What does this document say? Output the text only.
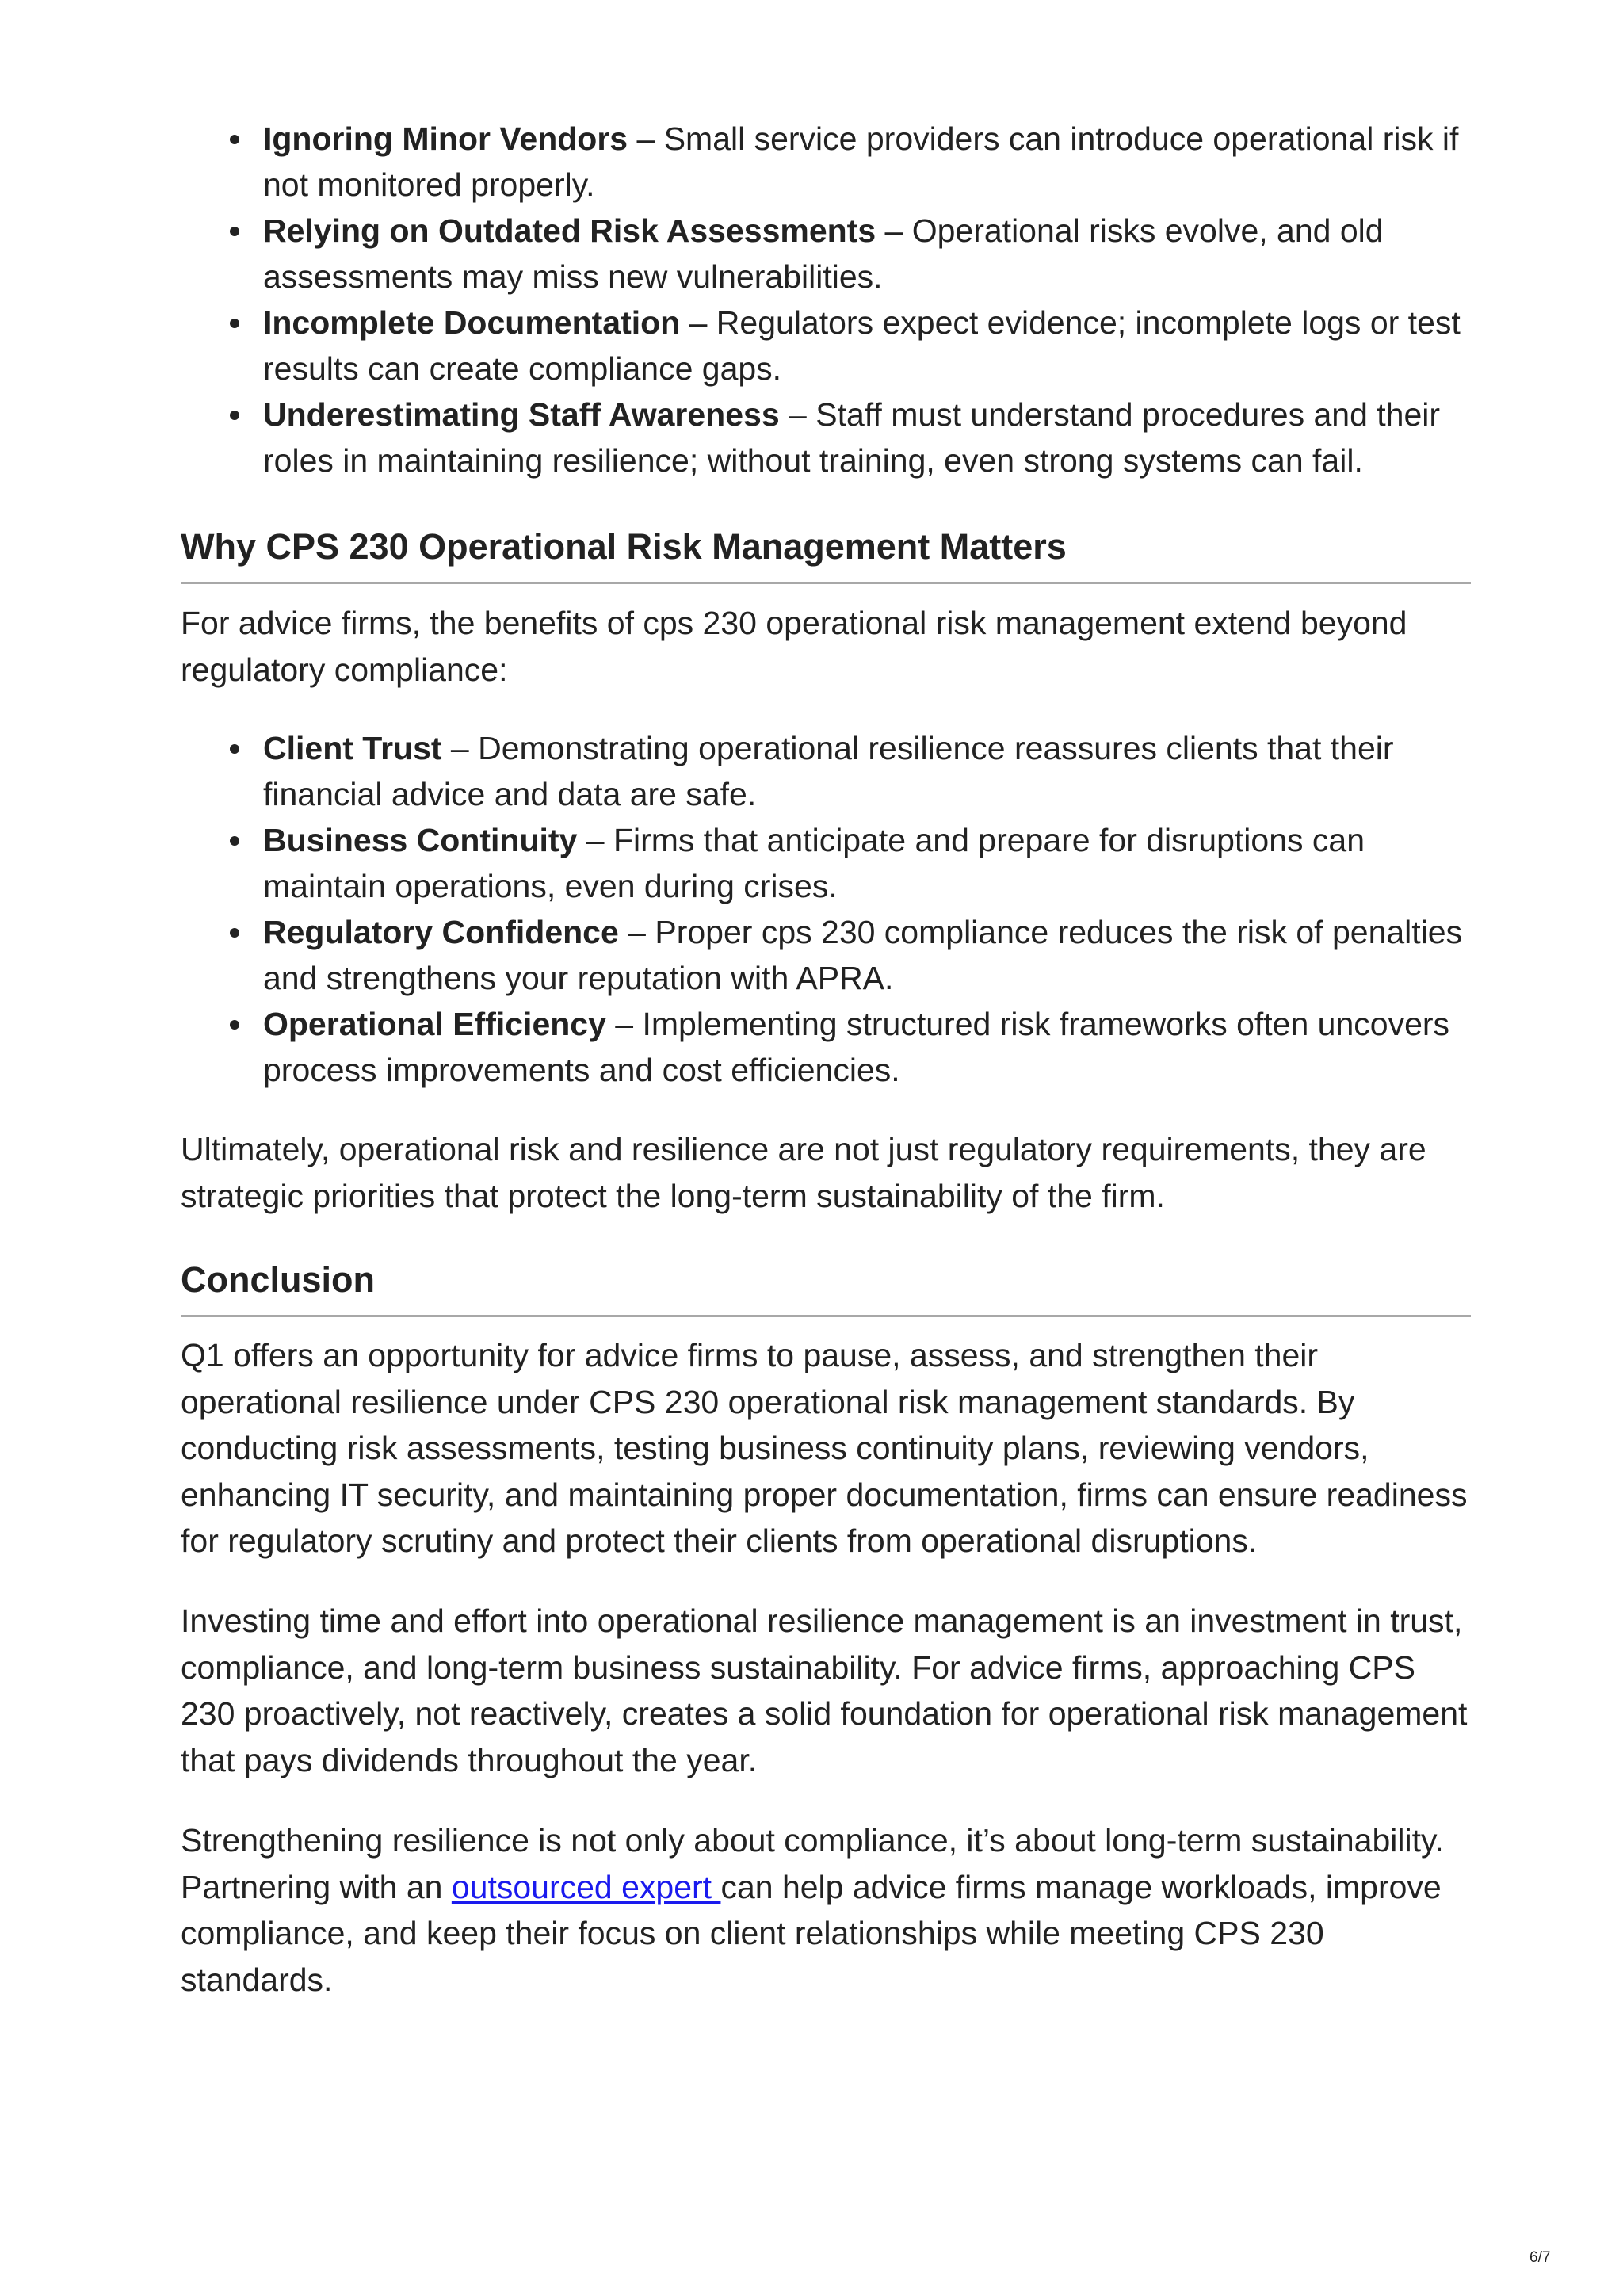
Ignoring Minor Vendors – Small service providers can introduce operational risk if not monitored properly.
Relying on Outdated Risk Assessments – Operational risks evolve, and old assessments may miss new vulnerabilities.
Incomplete Documentation – Regulators expect evidence; incomplete logs or test results can create compliance gaps.
Underestimating Staff Awareness – Staff must understand procedures and their roles in maintaining resilience; without training, even strong systems can fail.
Why CPS 230 Operational Risk Management Matters

For advice firms, the benefits of cps 230 operational risk management extend beyond regulatory compliance:

Client Trust – Demonstrating operational resilience reassures clients that their financial advice and data are safe.
Business Continuity – Firms that anticipate and prepare for disruptions can maintain operations, even during crises.
Regulatory Confidence – Proper cps 230 compliance reduces the risk of penalties and strengthens your reputation with APRA.
Operational Efficiency – Implementing structured risk frameworks often uncovers process improvements and cost efficiencies.

Ultimately, operational risk and resilience are not just regulatory requirements, they are strategic priorities that protect the long-term sustainability of the firm.

Conclusion

Q1 offers an opportunity for advice firms to pause, assess, and strengthen their operational resilience under CPS 230 operational risk management standards. By conducting risk assessments, testing business continuity plans, reviewing vendors, enhancing IT security, and maintaining proper documentation, firms can ensure readiness for regulatory scrutiny and protect their clients from operational disruptions.

Investing time and effort into operational resilience management is an investment in trust, compliance, and long-term business sustainability. For advice firms, approaching CPS 230 proactively, not reactively, creates a solid foundation for operational risk management that pays dividends throughout the year.

Strengthening resilience is not only about compliance, it’s about long-term sustainability. Partnering with an outsourced expert can help advice firms manage workloads, improve compliance, and keep their focus on client relationships while meeting CPS 230 standards.

6/7
